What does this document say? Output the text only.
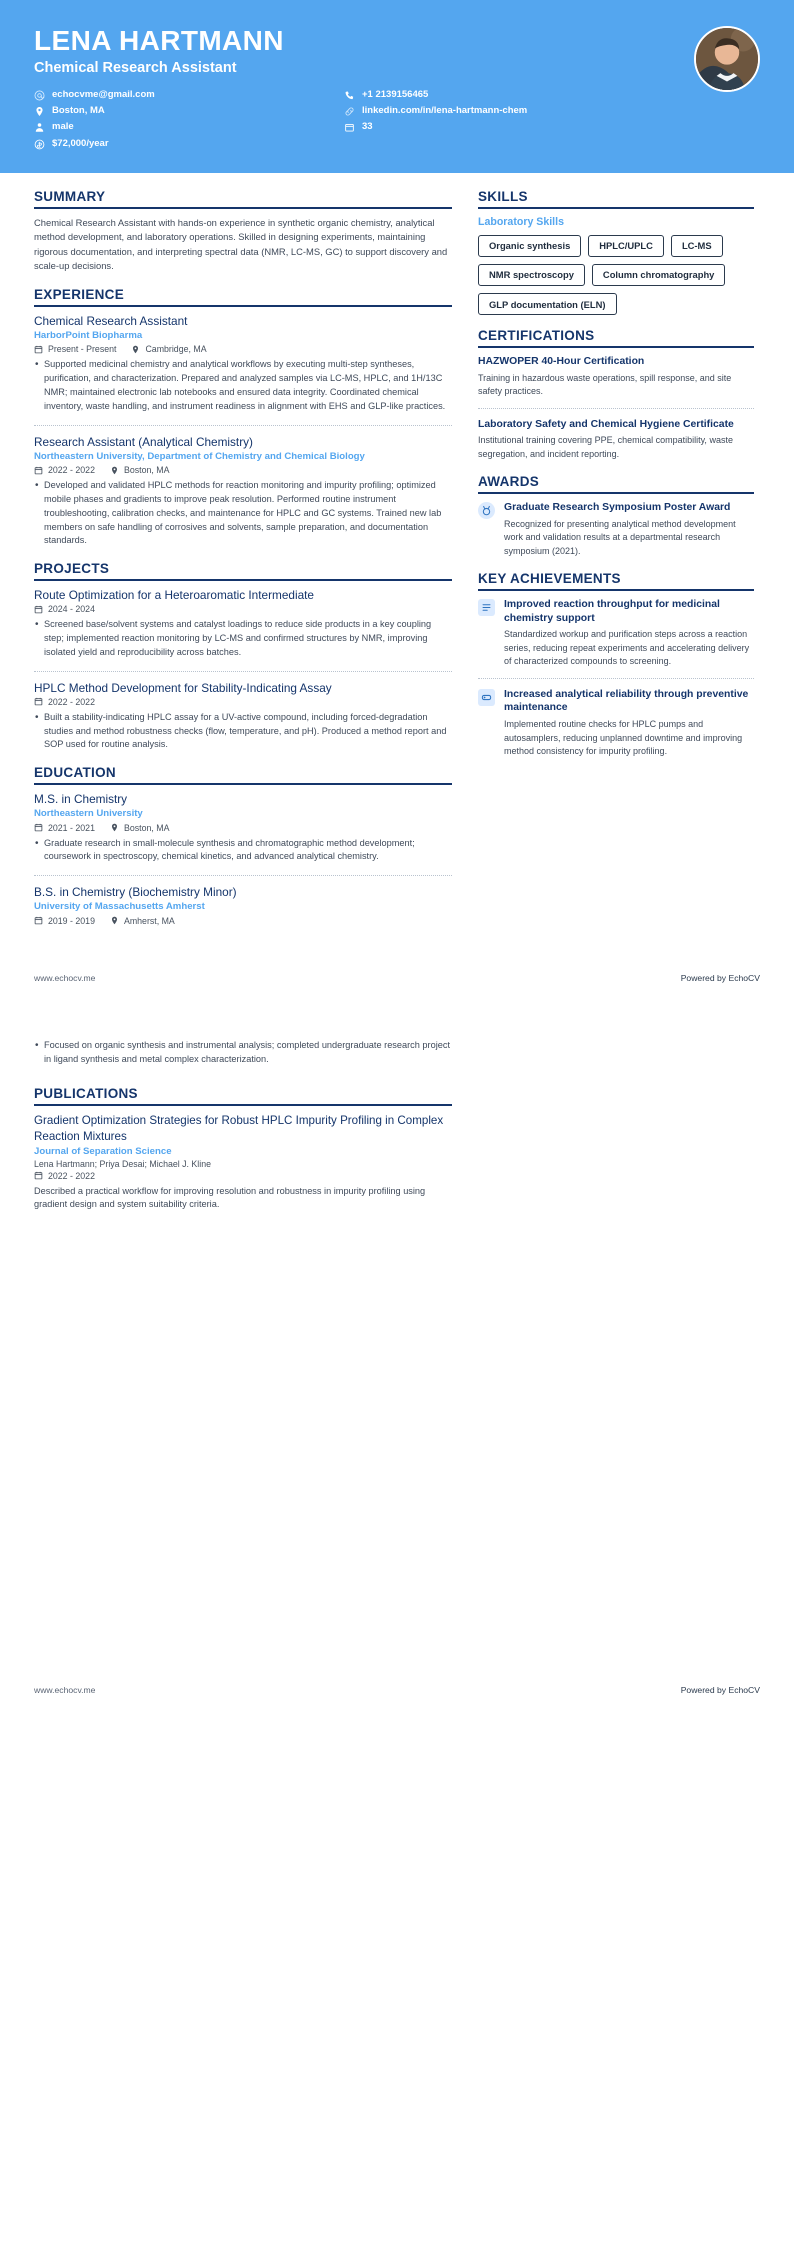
LENA HARTMANN
Chemical Research Assistant
echocvme@gmail.com	+1 2139156465
Boston, MA	linkedin.com/in/lena-hartmann-chem
male	33
$72,000/year
SUMMARY

Chemical Research Assistant with hands-on experience in synthetic organic chemistry, analytical method development, and laboratory operations. Skilled in designing experiments, maintaining rigorous documentation, and interpreting spectral data (NMR, LC-MS, GC) to support discovery and scale-up decisions.

EXPERIENCE
Chemical Research Assistant
HarborPoint Biopharma
Present - Present	Cambridge, MA
• Supported medicinal chemistry and analytical workflows by executing multi-step syntheses, purification, and characterization. Prepared and analyzed samples via LC-MS, HPLC, and 1H/13C NMR; maintained electronic lab notebooks and ensured data integrity. Coordinated chemical inventory, waste handling, and instrument readiness in alignment with EHS and GLP-like practices.
Research Assistant (Analytical Chemistry)
Northeastern University, Department of Chemistry and Chemical Biology
2022 - 2022	Boston, MA
• Developed and validated HPLC methods for reaction monitoring and impurity profiling; optimized mobile phases and gradients to improve peak resolution. Performed routine instrument troubleshooting, calibration checks, and maintenance for HPLC and GC systems. Trained new lab members on safe handling of corrosives and solvents, sample preparation, and documentation standards.
PROJECTS
Route Optimization for a Heteroaromatic Intermediate
2024 - 2024
• Screened base/solvent systems and catalyst loadings to reduce side products in a key coupling step; implemented reaction monitoring by LC-MS and confirmed structures by NMR, improving isolated yield and reproducibility across batches.
HPLC Method Development for Stability-Indicating Assay
2022 - 2022
• Built a stability-indicating HPLC assay for a UV-active compound, including forced-degradation studies and method robustness checks (flow, temperature, and pH). Produced a method report and SOP used for routine analysis.
EDUCATION
M.S. in Chemistry
Northeastern University
2021 - 2021	Boston, MA
• Graduate research in small-molecule synthesis and chromatographic method development; coursework in spectroscopy, chemical kinetics, and advanced analytical chemistry.
B.S. in Chemistry (Biochemistry Minor)
University of Massachusetts Amherst
2019 - 2019	Amherst, MA
SKILLS
Laboratory Skills
Organic synthesis	HPLC/UPLC	LC-MS
NMR spectroscopy	Column chromatography
GLP documentation (ELN)
CERTIFICATIONS
HAZWOPER 40-Hour Certification
Training in hazardous waste operations, spill response, and site safety practices.
Laboratory Safety and Chemical Hygiene Certificate
Institutional training covering PPE, chemical compatibility, waste segregation, and incident reporting.
AWARDS
Graduate Research Symposium Poster Award
Recognized for presenting analytical method development work and validation results at a departmental research symposium (2021).
KEY ACHIEVEMENTS
Improved reaction throughput for medicinal chemistry support
Standardized workup and purification steps across a reaction series, reducing repeat experiments and accelerating delivery of characterized compounds to screening.
Increased analytical reliability through preventive maintenance
Implemented routine checks for HPLC pumps and autosamplers, reducing unplanned downtime and improving method consistency for impurity profiling.
www.echocv.me	Powered by EchoCV
• Focused on organic synthesis and instrumental analysis; completed undergraduate research project in ligand synthesis and metal complex characterization.
PUBLICATIONS
Gradient Optimization Strategies for Robust HPLC Impurity Profiling in Complex Reaction Mixtures
Journal of Separation Science
Lena Hartmann; Priya Desai; Michael J. Kline
2022 - 2022
Described a practical workflow for improving resolution and robustness in impurity profiling using gradient design and system suitability criteria.
www.echocv.me	Powered by EchoCV
